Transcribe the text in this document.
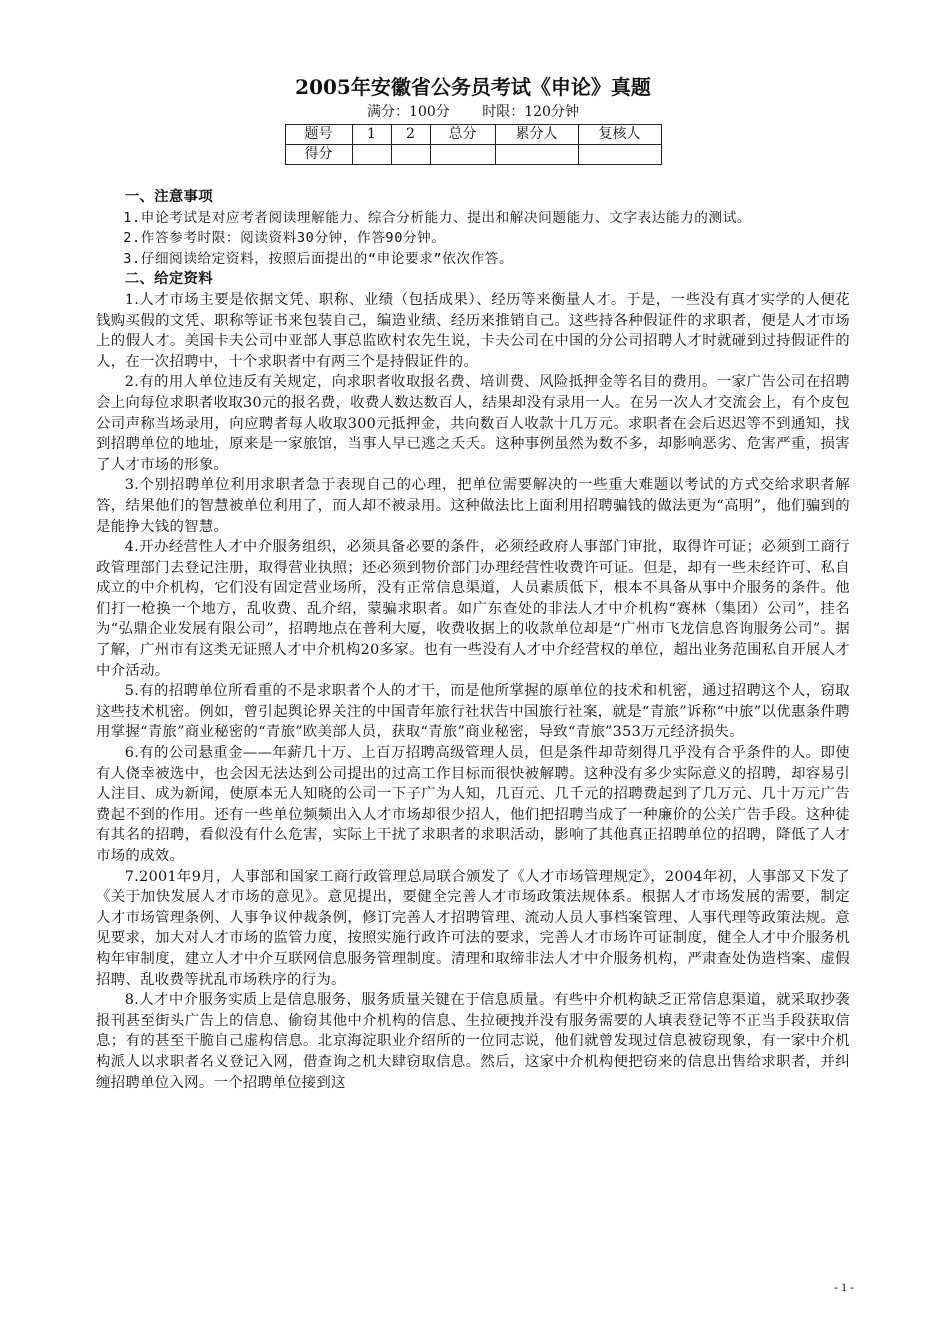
2005年安徽省公务员考试《申论》真题
满分：100分 时限：120分钟
题号	1	2	总分	累分人	复核人
得分					
一、注意事项

1.申论考试是对应考者阅读理解能力、综合分析能力、提出和解决问题能力、文字表达能力的测试。

2.作答参考时限：阅读资料30分钟，作答90分钟。

3.仔细阅读给定资料，按照后面提出的“申论要求”依次作答。

二、给定资料

1.人才市场主要是依据文凭、职称、业绩（包括成果）、经历等来衡量人才。于是，一些没有真才实学的人便花钱购买假的文凭、职称等证书来包装自己，编造业绩、经历来推销自己。这些持各种假证件的求职者，便是人才市场上的假人才。美国卡夫公司中亚部人事总监欧村农先生说，卡夫公司在中国的分公司招聘人才时就碰到过持假证件的人，在一次招聘中，十个求职者中有两三个是持假证件的。

2.有的用人单位违反有关规定，向求职者收取报名费、培训费、风险抵押金等名目的费用。一家广告公司在招聘会上向每位求职者收取30元的报名费，收费人数达数百人，结果却没有录用一人。在另一次人才交流会上，有个皮包公司声称当场录用，向应聘者每人收取300元抵押金，共向数百人收款十几万元。求职者在会后迟迟等不到通知，找到招聘单位的地址，原来是一家旅馆，当事人早已逃之夭夭。这种事例虽然为数不多，却影响恶劣、危害严重，损害了人才市场的形象。

3.个别招聘单位利用求职者急于表现自己的心理，把单位需要解决的一些重大难题以考试的方式交给求职者解答，结果他们的智慧被单位利用了，而人却不被录用。这种做法比上面利用招聘骗钱的做法更为“高明”，他们骗到的是能挣大钱的智慧。

4.开办经营性人才中介服务组织，必须具备必要的条件，必须经政府人事部门审批，取得许可证；必须到工商行政管理部门去登记注册，取得营业执照；还必须到物价部门办理经营性收费许可证。但是，却有一些未经许可、私自成立的中介机构，它们没有固定营业场所，没有正常信息渠道，人员素质低下，根本不具备从事中介服务的条件。他们打一枪换一个地方，乱收费、乱介绍，蒙骗求职者。如广东查处的非法人才中介机构“赛林（集团）公司”，挂名为“弘鼎企业发展有限公司”，招聘地点在普利大厦，收费收据上的收款单位却是“广州市飞龙信息咨询服务公司”。据了解，广州市有这类无证照人才中介机构20多家。也有一些没有人才中介经营权的单位，超出业务范围私自开展人才中介活动。

5.有的招聘单位所看重的不是求职者个人的才干，而是他所掌握的原单位的技术和机密，通过招聘这个人，窃取这些技术机密。例如，曾引起舆论界关注的中国青年旅行社状告中国旅行社案，就是“青旅”诉称“中旅”以优惠条件聘用掌握“青旅”商业秘密的“青旅”欧美部人员，获取“青旅”商业秘密，导致“青旅”353万元经济损失。

6.有的公司悬重金——年薪几十万、上百万招聘高级管理人员，但是条件却苛刻得几乎没有合乎条件的人。即使有人侥幸被选中，也会因无法达到公司提出的过高工作目标而很快被解聘。这种没有多少实际意义的招聘，却容易引人注目、成为新闻，使原本无人知晓的公司一下子广为人知，几百元、几千元的招聘费起到了几万元、几十万元广告费起不到的作用。还有一些单位频频出入人才市场却很少招人，他们把招聘当成了一种廉价的公关广告手段。这种徒有其名的招聘，看似没有什么危害，实际上干扰了求职者的求职活动，影响了其他真正招聘单位的招聘，降低了人才市场的成效。

7.2001年9月，人事部和国家工商行政管理总局联合颁发了《人才市场管理规定》，2004年初，人事部又下发了《关于加快发展人才市场的意见》。意见提出，要健全完善人才市场政策法规体系。根据人才市场发展的需要，制定人才市场管理条例、人事争议仲裁条例，修订完善人才招聘管理、流动人员人事档案管理、人事代理等政策法规。意见要求，加大对人才市场的监管力度，按照实施行政许可法的要求，完善人才市场许可证制度，健全人才中介服务机构年审制度，建立人才中介互联网信息服务管理制度。清理和取缔非法人才中介服务机构，严肃查处伪造档案、虚假招聘、乱收费等扰乱市场秩序的行为。

8.人才中介服务实质上是信息服务，服务质量关键在于信息质量。有些中介机构缺乏正常信息渠道，就采取抄袭报刊甚至街头广告上的信息、偷窃其他中介机构的信息、生拉硬拽并没有服务需要的人填表登记等不正当手段获取信息；有的甚至干脆自己虚构信息。北京海淀职业介绍所的一位同志说，他们就曾发现过信息被窃现象，有一家中介机构派人以求职者名义登记入网，借查询之机大肆窃取信息。然后，这家中介机构便把窃来的信息出售给求职者，并纠缠招聘单位入网。一个招聘单位接到这

- 1 -
